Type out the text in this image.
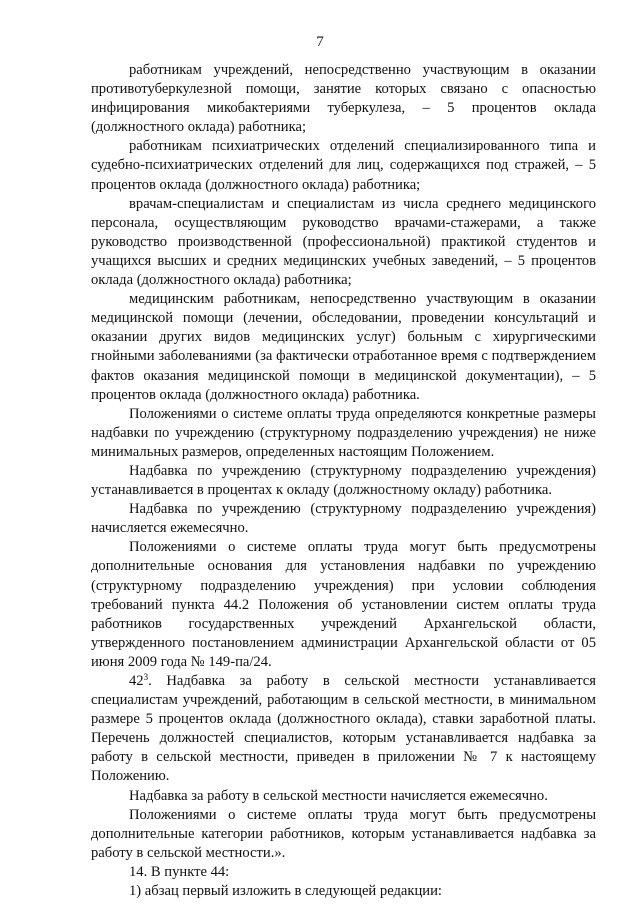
7

работникам учреждений, непосредственно участвующим в оказании противотуберкулезной помощи, занятие которых связано с опасностью инфицирования микобактериями туберкулеза, – 5 процентов оклада (должностного оклада) работника;

работникам психиатрических отделений специализированного типа и судебно-психиатрических отделений для лиц, содержащихся под стражей, – 5 процентов оклада (должностного оклада) работника;

врачам-специалистам и специалистам из числа среднего медицинского персонала, осуществляющим руководство врачами-стажерами, а также руководство производственной (профессиональной) практикой студентов и учащихся высших и средних медицинских учебных заведений, – 5 процентов оклада (должностного оклада) работника;

медицинским работникам, непосредственно участвующим в оказании медицинской помощи (лечении, обследовании, проведении консультаций и оказании других видов медицинских услуг) больным с хирургическими гнойными заболеваниями (за фактически отработанное время с подтверждением фактов оказания медицинской помощи в медицинской документации), – 5 процентов оклада (должностного оклада) работника.

Положениями о системе оплаты труда определяются конкретные размеры надбавки по учреждению (структурному подразделению учреждения) не ниже минимальных размеров, определенных настоящим Положением.

Надбавка по учреждению (структурному подразделению учреждения) устанавливается в процентах к окладу (должностному окладу) работника.

Надбавка по учреждению (структурному подразделению учреждения) начисляется ежемесячно.

Положениями о системе оплаты труда могут быть предусмотрены дополнительные основания для установления надбавки по учреждению (структурному подразделению учреждения) при условии соблюдения требований пункта 44.2 Положения об установлении систем оплаты труда работников государственных учреждений Архангельской области, утвержденного постановлением администрации Архангельской области от 05 июня 2009 года № 149-па/24.

$42^3$. Надбавка за работу в сельской местности устанавливается специалистам учреждений, работающим в сельской местности, в минимальном размере 5 процентов оклада (должностного оклада), ставки заработной платы. Перечень должностей специалистов, которым устанавливается надбавка за работу в сельской местности, приведен в приложении № 7 к настоящему Положению.

Надбавка за работу в сельской местности начисляется ежемесячно.

Положениями о системе оплаты труда могут быть предусмотрены дополнительные категории работников, которым устанавливается надбавка за работу в сельской местности.».

14. В пункте 44:

1) абзац первый изложить в следующей редакции:
